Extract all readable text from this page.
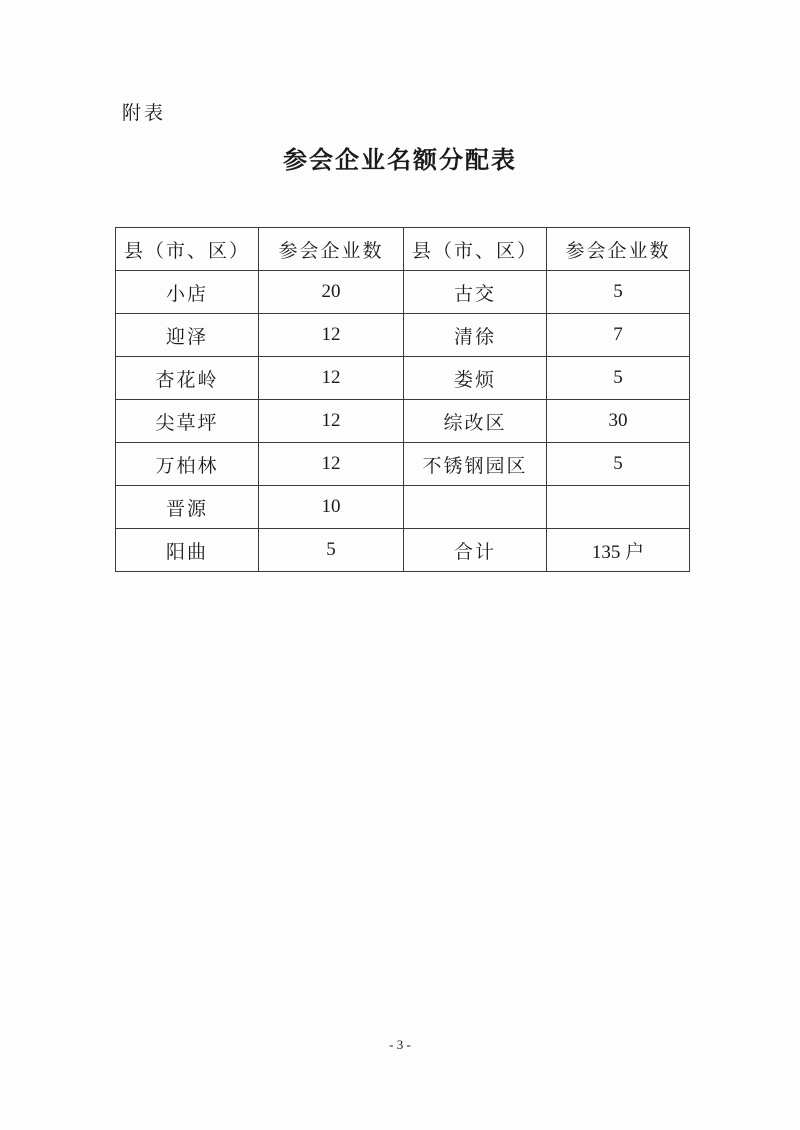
附表
参会企业名额分配表
县（市、区）	参会企业数	县（市、区）	参会企业数
小店	20	古交	5
迎泽	12	清徐	7
杏花岭	12	娄烦	5
尖草坪	12	综改区	30
万柏林	12	不锈钢园区	5
晋源	10		
阳曲	5	合计	135 户
- 3 -
